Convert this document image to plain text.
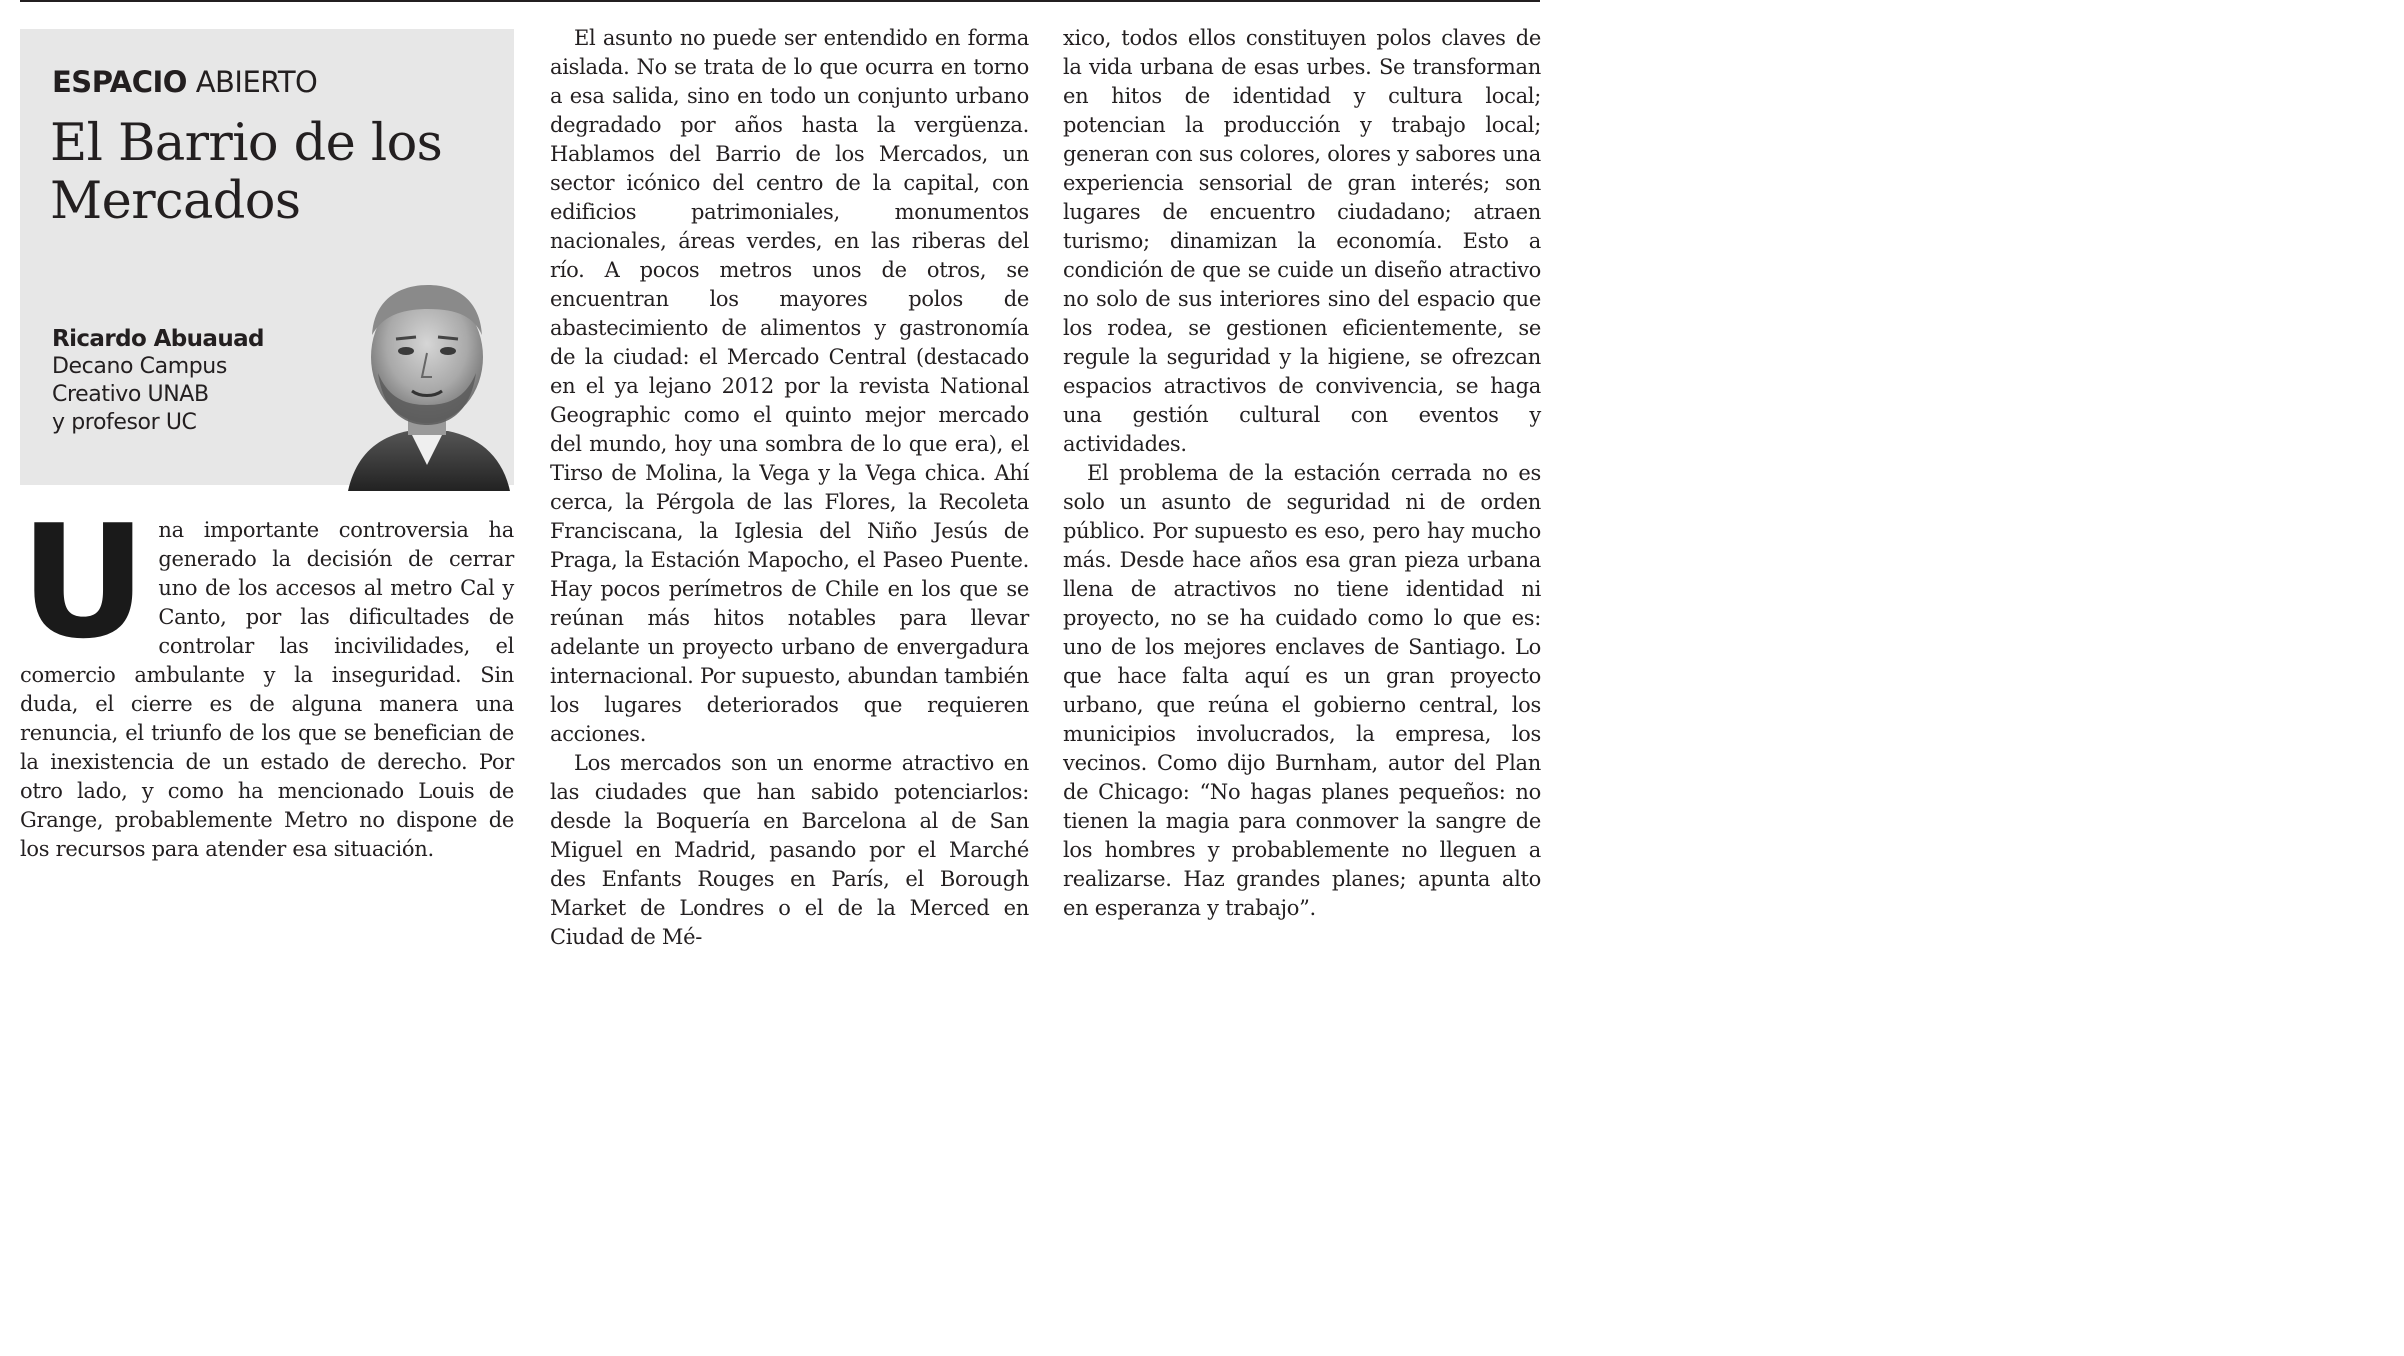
ESPACIO ABIERTO
El Barrio de los Mercados
Ricardo Abuauad
Decano Campus
Creativo UNAB
y profesor UC
U na importante controversia ha generado la decisión de cerrar uno de los accesos al metro Cal y Canto, por las dificultades de controlar las incivilidades, el comercio ambulante y la inseguridad. Sin duda, el cierre es de alguna manera una renuncia, el triunfo de los que se benefician de la inexistencia de un estado de derecho. Por otro lado, y como ha mencionado Louis de Grange, probablemente Metro no dispone de los recursos para atender esa situación.

El asunto no puede ser entendido en forma aislada. No se trata de lo que ocurra en torno a esa salida, sino en todo un conjunto urbano degradado por años hasta la vergüenza. Hablamos del Barrio de los Mercados, un sector icónico del centro de la capital, con edificios patrimoniales, monumentos nacionales, áreas verdes, en las riberas del río. A pocos metros unos de otros, se encuentran los mayores polos de abastecimiento de alimentos y gastronomía de la ciudad: el Mercado Central (destacado en el ya lejano 2012 por la revista National Geographic como el quinto mejor mercado del mundo, hoy una sombra de lo que era), el Tirso de Molina, la Vega y la Vega chica. Ahí cerca, la Pérgola de las Flores, la Recoleta Franciscana, la Iglesia del Niño Jesús de Praga, la Estación Mapocho, el Paseo Puente. Hay pocos perímetros de Chile en los que se reúnan más hitos notables para llevar adelante un proyecto urbano de envergadura internacional. Por supuesto, abundan también los lugares deteriorados que requieren acciones.

Los mercados son un enorme atractivo en las ciudades que han sabido potenciarlos: desde la Boquería en Barcelona al de San Miguel en Madrid, pasando por el Marché des Enfants Rouges en París, el Borough Market de Londres o el de la Merced en Ciudad de Mé-

xico, todos ellos constituyen polos claves de la vida urbana de esas urbes. Se transforman en hitos de identidad y cultura local; potencian la producción y trabajo local; generan con sus colores, olores y sabores una experiencia sensorial de gran interés; son lugares de encuentro ciudadano; atraen turismo; dinamizan la economía. Esto a condición de que se cuide un diseño atractivo no solo de sus interiores sino del espacio que los rodea, se gestionen eficientemente, se regule la seguridad y la higiene, se ofrezcan espacios atractivos de convivencia, se haga una gestión cultural con eventos y actividades.

El problema de la estación cerrada no es solo un asunto de seguridad ni de orden público. Por supuesto es eso, pero hay mucho más. Desde hace años esa gran pieza urbana llena de atractivos no tiene identidad ni proyecto, no se ha cuidado como lo que es: uno de los mejores enclaves de Santiago. Lo que hace falta aquí es un gran proyecto urbano, que reúna el gobierno central, los municipios involucrados, la empresa, los vecinos. Como dijo Burnham, autor del Plan de Chicago: “No hagas planes pequeños: no tienen la magia para conmover la sangre de los hombres y probablemente no lleguen a realizarse. Haz grandes planes; apunta alto en esperanza y trabajo”.
